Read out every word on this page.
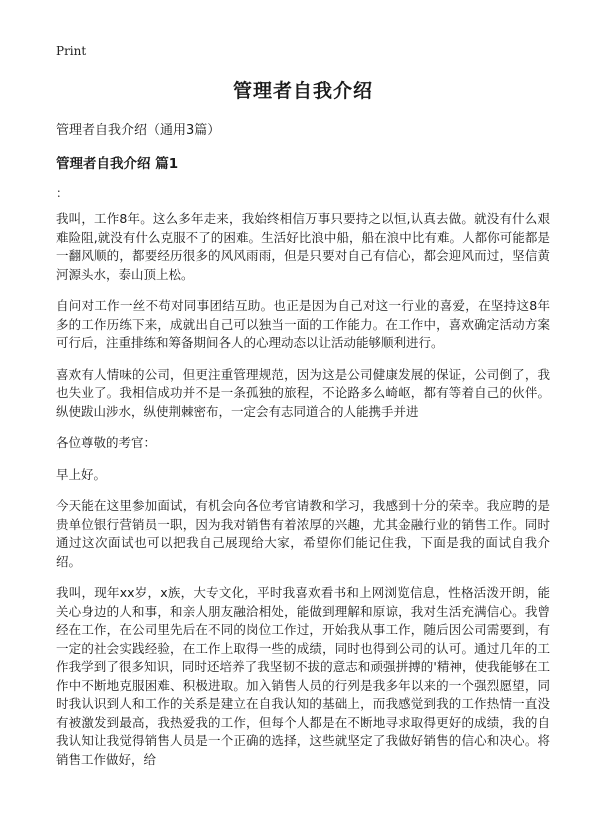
Print
管理者自我介绍
管理者自我介绍（通用3篇）
管理者自我介绍 篇1
：

我叫，工作8年。这么多年走来，我始终相信万事只要持之以恒,认真去做。就没有什么艰难险阻,就没有什么克服不了的困难。生活好比浪中船，船在浪中比有难。人都你可能都是一翻风顺的，都要经历很多的风风雨雨，但是只要对自己有信心，都会迎风而过，坚信黄河源头水，泰山顶上松。

自问对工作一丝不苟对同事团结互助。也正是因为自己对这一行业的喜爱，在坚持这8年多的工作历练下来，成就出自己可以独当一面的工作能力。在工作中，喜欢确定活动方案可行后，注重排练和筹备期间各人的心理动态以让活动能够顺利进行。

喜欢有人情味的公司，但更注重管理规范，因为这是公司健康发展的保证，公司倒了，我也失业了。我相信成功并不是一条孤独的旅程，不论路多么崎岖，都有等着自己的伙伴。纵使跋山涉水，纵使荆棘密布，一定会有志同道合的人能携手并进

各位尊敬的考官：

早上好。

今天能在这里参加面试，有机会向各位考官请教和学习，我感到十分的荣幸。我应聘的是贵单位银行营销员一职，因为我对销售有着浓厚的兴趣，尤其金融行业的销售工作。同时通过这次面试也可以把我自己展现给大家，希望你们能记住我，下面是我的面试自我介绍。

我叫，现年xx岁，x族，大专文化，平时我喜欢看书和上网浏览信息，性格活泼开朗，能关心身边的人和事，和亲人朋友融洽相处，能做到理解和原谅，我对生活充满信心。我曾经在工作，在公司里先后在不同的岗位工作过，开始我从事工作，随后因公司需要到，有一定的社会实践经验，在工作上取得一些的成绩，同时也得到公司的认可。通过几年的工作我学到了很多知识，同时还培养了我坚韧不拔的意志和顽强拼搏的'精神，使我能够在工作中不断地克服困难、积极进取。加入销售人员的行列是我多年以来的一个强烈愿望，同时我认识到人和工作的关系是建立在自我认知的基础上，而我感觉到我的工作热情一直没有被激发到最高，我热爱我的工作，但每个人都是在不断地寻求取得更好的成绩，我的自我认知让我觉得销售人员是一个正确的选择，这些就坚定了我做好销售的信心和决心。将销售工作做好，给
